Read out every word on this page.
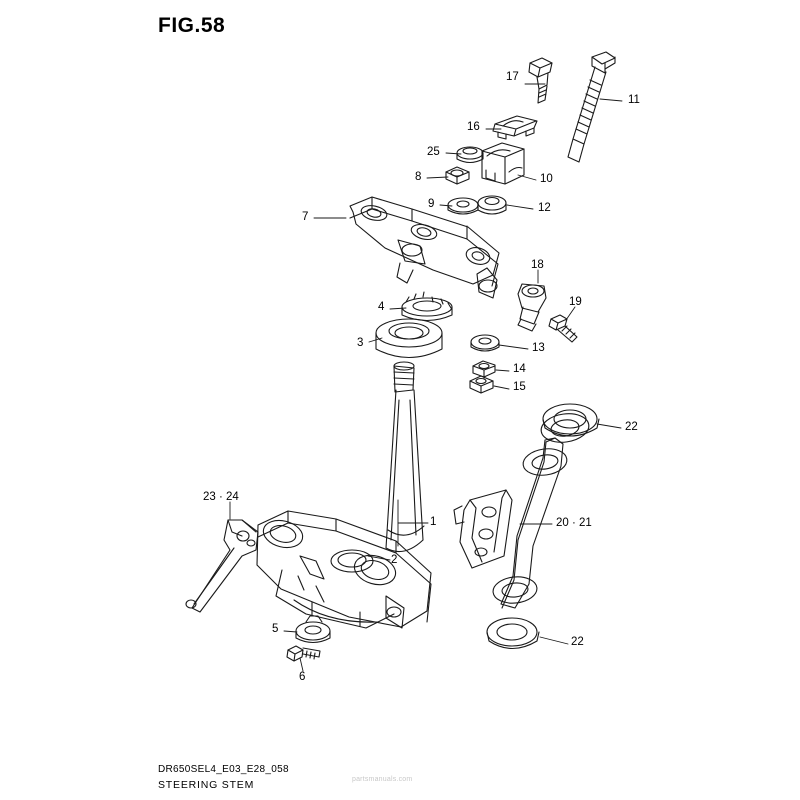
FIG.58
17
11
16
25
8	10
9	12
7
18
19
4
3	13
14
15
22
23 · 24
20 · 21
1
2
5
22
6
DR650SEL4_E03_E28_058
STEERING STEM	partsmanuals.com
